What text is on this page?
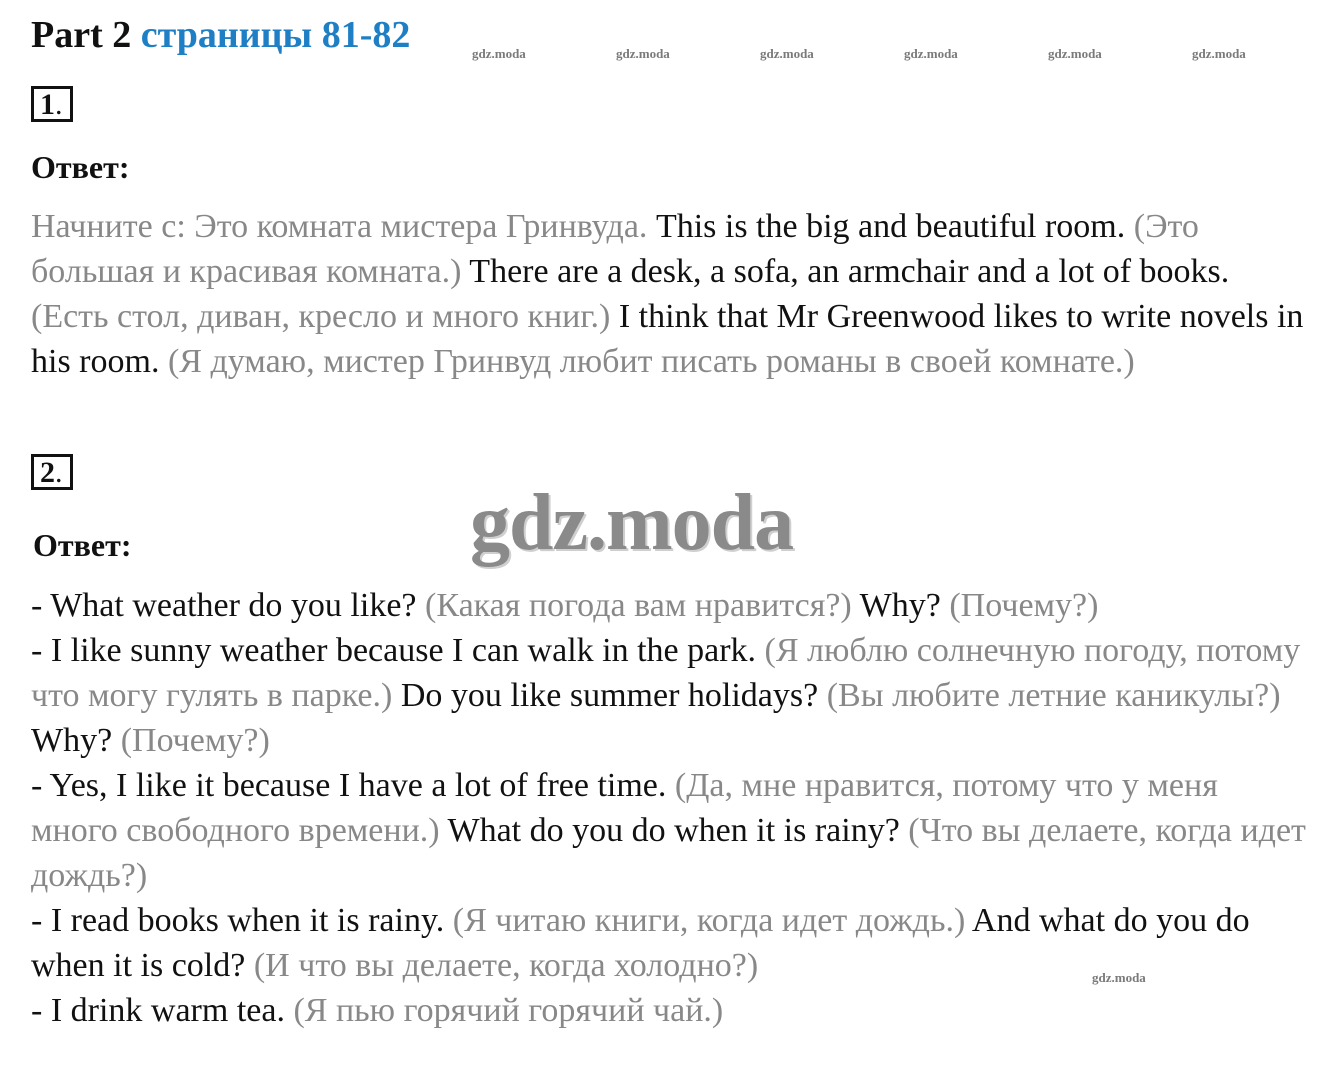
Part 2 страницы 81-82	gdz.moda	gdz.moda	gdz.moda	gdz.moda	gdz.moda	gdz.moda
gdz.moda
1.
Ответ:
Начните с: Это комната мистера Гринвуда. This is the big and beautiful room. (Это большая и красивая комната.) There are a desk, a sofa, an armchair and a lot of books. (Есть стол, диван, кресло и много книг.) I think that Mr Greenwood likes to write novels in his room. (Я думаю, мистер Гринвуд любит писать романы в своей комнате.)
2.
gdz.moda
Ответ:
- What weather do you like? (Какая погода вам нравится?) Why? (Почему?)
- I like sunny weather because I can walk in the park. (Я люблю солнечную погоду, потому что могу гулять в парке.) Do you like summer holidays? (Вы любите летние каникулы?) Why? (Почему?)
- Yes, I like it because I have a lot of free time. (Да, мне нравится, потому что у меня много свободного времени.) What do you do when it is rainy? (Что вы делаете, когда идет дождь?)
- I read books when it is rainy. (Я читаю книги, когда идет дождь.) And what do you do when it is cold? (И что вы делаете, когда холодно?)
- I drink warm tea. (Я пью горячий горячий чай.)
